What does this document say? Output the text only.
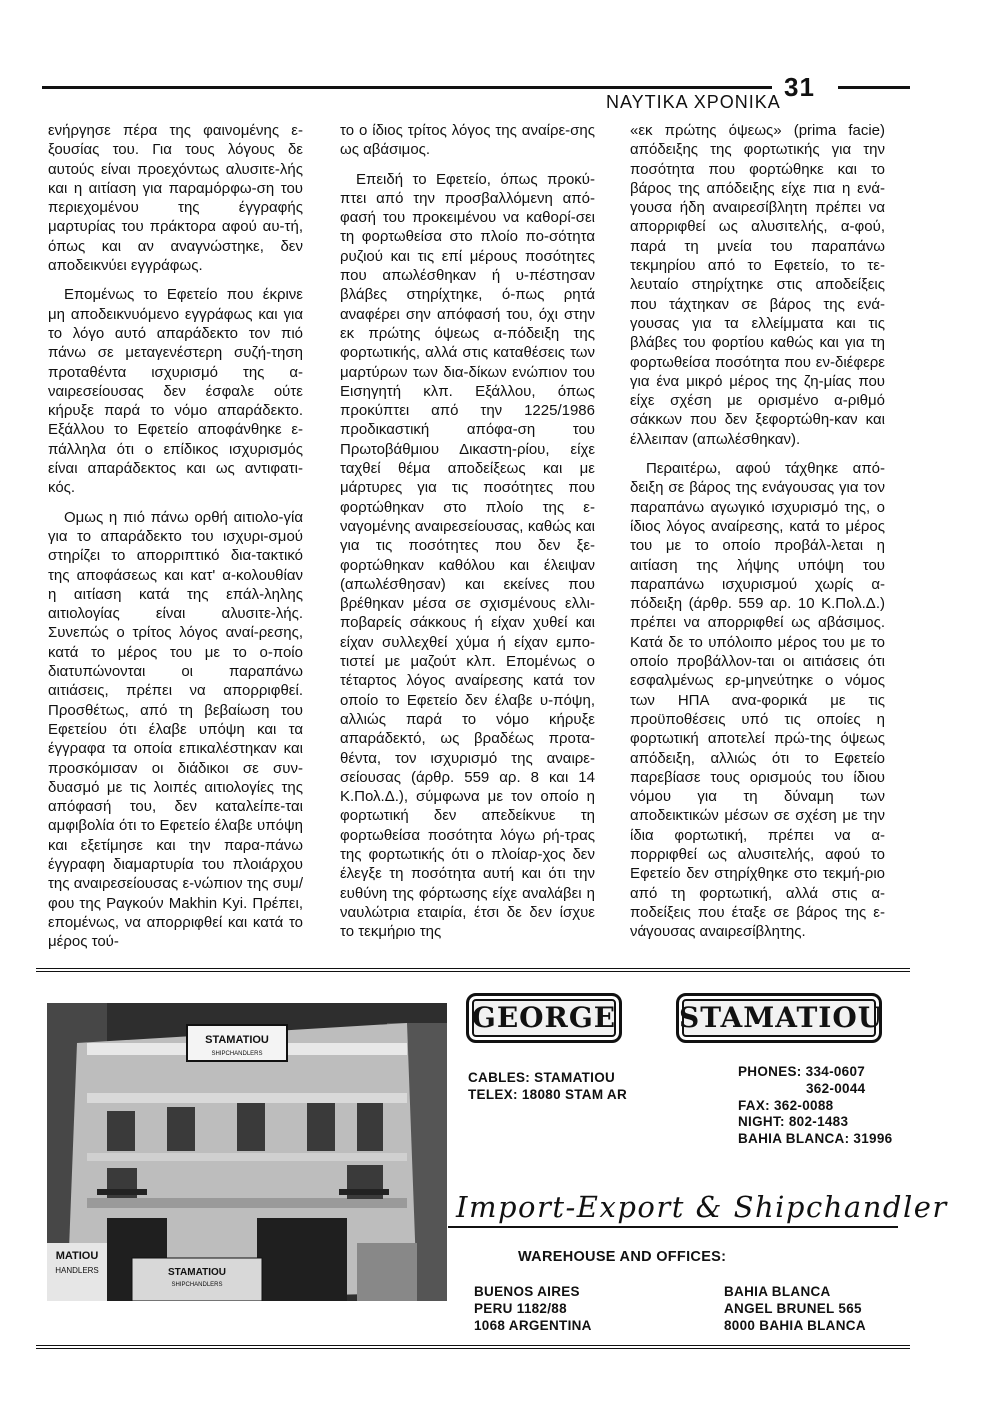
31
ΝΑΥΤΙΚΑ ΧΡΟΝΙΚΑ

ενήργησε πέρα της φαινομένης ε-ξουσίας του. Για τους λόγους δε αυτούς είναι προεχόντως αλυσιτε-λής και η αιτίαση για παραμόρφω-ση του περιεχομένου της έγγραφής μαρτυρίας του πράκτορα αφού αυ-τή, όπως και αν αναγνώστηκε, δεν αποδεικνύει εγγράφως.

Επομένως το Εφετείο που έκρινε μη αποδεικνυόμενο εγγράφως και για το λόγο αυτό απαράδεκτο τον πιό πάνω σε μεταγενέστερη συζή-τηση προταθέντα ισχυρισμό της α-ναιρεσείουσας δεν έσφαλε ούτε κήρυξε παρά το νόμο απαράδεκτο. Εξάλλου το Εφετείο αποφάνθηκε ε-πάλληλα ότι ο επίδικος ισχυρισμός είναι απαράδεκτος και ως αντιφατι-κός.

Ομως η πιό πάνω ορθή αιτιολο-γία για το απαράδεκτο του ισχυρι-σμού στηρίζει το απορριπτικό δια-τακτικό της αποφάσεως και κατ' α-κολουθίαν η αιτίαση κατά της επάλ-ληλης αιτιολογίας είναι αλυσιτε-λής. Συνεπώς ο τρίτος λόγος αναί-ρεσης, κατά το μέρος του με το ο-ποίο διατυπώνονται οι παραπάνω αιτιάσεις, πρέπει να απορριφθεί. Προσθέτως, από τη βεβαίωση του Εφετείου ότι έλαβε υπόψη και τα έγγραφα τα οποία επικαλέστηκαν και προσκόμισαν οι διάδικοι σε συν-δυασμό με τις λοιπές αιτιολογίες της απόφασή του, δεν καταλείπε-ται αμφιβολία ότι το Εφετείο έλαβε υπόψη και εξετίμησε και την παρα-πάνω έγγραφη διαμαρτυρία του πλοιάρχου της αναιρεσείουσας ε-νώπιον της συμ/φου της Ραγκούν Makhin Kyi. Πρέπει, επομένως, να απορριφθεί και κατά το μέρος τού-

το ο ίδιος τρίτος λόγος της αναίρε-σης ως αβάσιμος.

Επειδή το Εφετείο, όπως προκύ-πτει από την προσβαλλόμενη από-φασή του προκειμένου να καθορί-σει τη φορτωθείσα στο πλοίο πο-σότητα ρυζιού και τις επί μέρους ποσότητες που απωλέσθηκαν ή υ-πέστησαν βλάβες στηρίχτηκε, ό-πως ρητά αναφέρει σην απόφασή του, όχι στην εκ πρώτης όψεως α-πόδειξη της φορτωτικής, αλλά στις καταθέσεις των μαρτύρων των δια-δίκων ενώπιον του Εισηγητή κλπ. Εξάλλου, όπως προκύπτει από την 1225/1986 προδικαστική απόφα-ση του Πρωτοβάθμιου Δικαστη-ρίου, είχε ταχθεί θέμα αποδείξεως και με μάρτυρες για τις ποσότητες που φορτώθηκαν στο πλοίο της ε-ναγομένης αναιρεσείουσας, καθώς και για τις ποσότητες που δεν ξε-φορτώθηκαν καθόλου και έλειψαν (απωλέσθησαν) και εκείνες που βρέθηκαν μέσα σε σχισμένους ελλι-ποβαρείς σάκκους ή είχαν χυθεί και είχαν συλλεχθεί χύμα ή είχαν εμπο-τιστεί με μαζούτ κλπ. Επομένως ο τέταρτος λόγος αναίρεσης κατά τον οποίο το Εφετείο δεν έλαβε υ-πόψη, αλλιώς παρά το νόμο κήρυξε απαράδεκτό, ως βραδέως προτα-θέντα, τον ισχυρισμό της αναιρε-σείουσας (άρθρ. 559 αρ. 8 και 14 Κ.Πολ.Δ.), σύμφωνα με τον οποίο η φορτωτική δεν απεδείκνυε τη φορτωθείσα ποσότητα λόγω ρή-τρας της φορτωτικής ότι ο πλοίαρ-χος δεν έλεγξε τη ποσότητα αυτή και ότι την ευθύνη της φόρτωσης είχε αναλάβει η ναυλώτρια εταιρία, έτσι δε δεν ίσχυε το τεκμήριο της

«εκ πρώτης όψεως» (prima facie) απόδειξης της φορτωτικής για την ποσότητα που φορτώθηκε και το βάρος της απόδειξης είχε πια η ενά-γουσα ήδη αναιρεσίβλητη πρέπει να απορριφθεί ως αλυσιτελής, α-φού, παρά τη μνεία του παραπάνω τεκμηρίου από το Εφετείο, το τε-λευταίο στηρίχτηκε στις αποδείξεις που τάχτηκαν σε βάρος της ενά-γουσας για τα ελλείμματα και τις βλάβες του φορτίου καθώς και για τη φορτωθείσα ποσότητα που εν-διέφερε για ένα μικρό μέρος της ζη-μίας που είχε σχέση με ορισμένο α-ριθμό σάκκων που δεν ξεφορτώθη-καν και έλλειπαν (απωλέσθηκαν).

Περαιτέρω, αφού τάχθηκε από-δειξη σε βάρος της ενάγουσας για τον παραπάνω αγωγικό ισχυρισμό της, ο ίδιος λόγος αναίρεσης, κατά το μέρος του με το οποίο προβάλ-λεται η αιτίαση της λήψης υπόψη του παραπάνω ισχυρισμού χωρίς α-πόδειξη (άρθρ. 559 αρ. 10 Κ.Πολ.Δ.) πρέπει να απορριφθεί ως αβάσιμος. Κατά δε το υπόλοιπο μέρος του με το οποίο προβάλλον-ται οι αιτιάσεις ότι εσφαλμένως ερ-μηνεύτηκε ο νόμος των ΗΠΑ ανα-φορικά με τις προϋποθέσεις υπό τις οποίες η φορτωτική αποτελεί πρώ-της όψεως απόδειξη, αλλιώς ότι το Εφετείο παρεβίασε τους ορισμούς του ίδιου νόμου για τη δύναμη των αποδεικτικών μέσων σε σχέση με την ίδια φορτωτική, πρέπει να α-πορριφθεί ως αλυσιτελής, αφού το Εφετείο δεν στηρίχθηκε στο τεκμή-ριο από τη φορτωτική, αλλά στις α-ποδείξεις που έταξε σε βάρος της ε-νάγουσας αναιρεσίβλητης.

STAMATIOU
SHIPCHANDLERS
MATIOU
HANDLERS	STAMATIOU
SHIPCHANDLERS
GEORGE STAMATIOU
CABLES: STAMATIOU
TELEX: 18080 STAM AR
PHONES: 334-0607
362-0044
FAX: 362-0088
NIGHT: 802-1483
BAHIA BLANCA: 31996
Import-Export & Shipchandler
WAREHOUSE AND OFFICES:
BUENOS AIRES
PERU 1182/88
1068 ARGENTINA
BAHIA BLANCA
ANGEL BRUNEL 565
8000 BAHIA BLANCA
